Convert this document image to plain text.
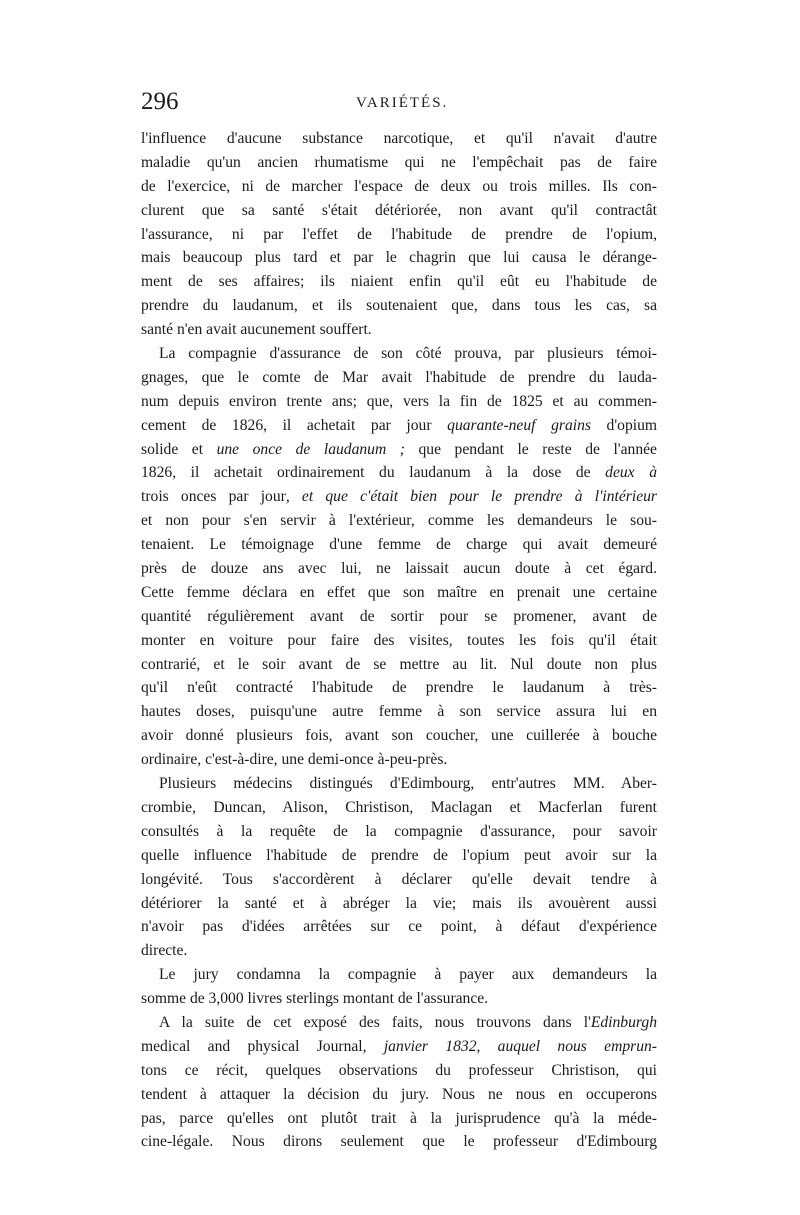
296	VARIÉTÉS.
l'influence d'aucune substance narcotique, et qu'il n'avait d'autre
maladie qu'un ancien rhumatisme qui ne l'empêchait pas de faire
de l'exercice, ni de marcher l'espace de deux ou trois milles. Ils con-
clurent que sa santé s'était détériorée, non avant qu'il contractât
l'assurance, ni par l'effet de l'habitude de prendre de l'opium,
mais beaucoup plus tard et par le chagrin que lui causa le dérange-
ment de ses affaires; ils niaient enfin qu'il eût eu l'habitude de
prendre du laudanum, et ils soutenaient que, dans tous les cas, sa
santé n'en avait aucunement souffert.
La compagnie d'assurance de son côté prouva, par plusieurs témoi-
gnages, que le comte de Mar avait l'habitude de prendre du lauda-
num depuis environ trente ans; que, vers la fin de 1825 et au commen-
cement de 1826, il achetait par jour quarante-neuf grains d'opium
solide et une once de laudanum ; que pendant le reste de l'année
1826, il achetait ordinairement du laudanum à la dose de deux à
trois onces par jour, et que c'était bien pour le prendre à l'intérieur
et non pour s'en servir à l'extérieur, comme les demandeurs le sou-
tenaient. Le témoignage d'une femme de charge qui avait demeuré
près de douze ans avec lui, ne laissait aucun doute à cet égard.
Cette femme déclara en effet que son maître en prenait une certaine
quantité régulièrement avant de sortir pour se promener, avant de
monter en voiture pour faire des visites, toutes les fois qu'il était
contrarié, et le soir avant de se mettre au lit. Nul doute non plus
qu'il n'eût contracté l'habitude de prendre le laudanum à très-
hautes doses, puisqu'une autre femme à son service assura lui en
avoir donné plusieurs fois, avant son coucher, une cuillerée à bouche
ordinaire, c'est-à-dire, une demi-once à-peu-près.
Plusieurs médecins distingués d'Edimbourg, entr'autres MM. Aber-
crombie, Duncan, Alison, Christison, Maclagan et Macferlan furent
consultés à la requête de la compagnie d'assurance, pour savoir
quelle influence l'habitude de prendre de l'opium peut avoir sur la
longévité. Tous s'accordèrent à déclarer qu'elle devait tendre à
détériorer la santé et à abréger la vie; mais ils avouèrent aussi
n'avoir pas d'idées arrêtées sur ce point, à défaut d'expérience
directe.
Le jury condamna la compagnie à payer aux demandeurs la
somme de 3,000 livres sterlings montant de l'assurance.
A la suite de cet exposé des faits, nous trouvons dans l'Edinburgh
medical and physical Journal, janvier 1832, auquel nous emprun-
tons ce récit, quelques observations du professeur Christison, qui
tendent à attaquer la décision du jury. Nous ne nous en occuperons
pas, parce qu'elles ont plutôt trait à la jurisprudence qu'à la méde-
cine-légale. Nous dirons seulement que le professeur d'Edimbourg
